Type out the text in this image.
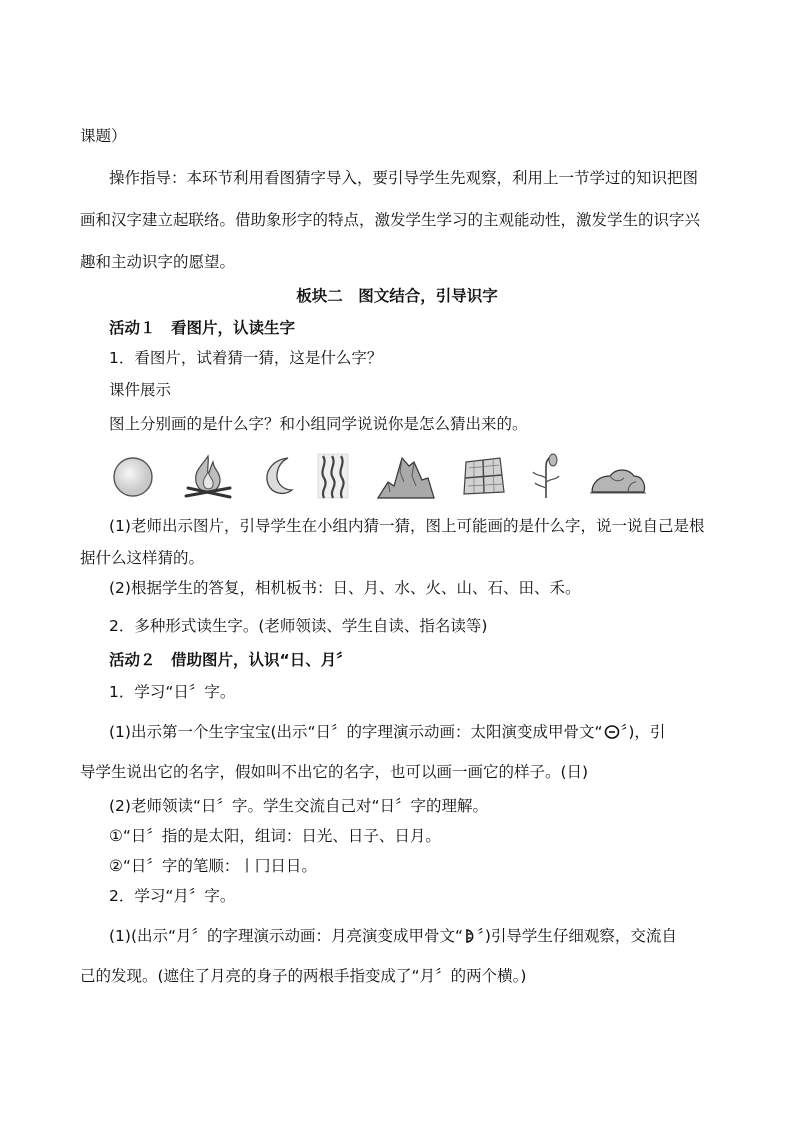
课题）
操作指导：本环节利用看图猜字导入，要引导学生先观察，利用上一节学过的知识把图
画和汉字建立起联络。借助象形字的特点，激发学生学习的主观能动性，激发学生的识字兴
趣和主动识字的愿望。
板块二　图文结合，引导识字
活动１　看图片，认读生字
1．看图片，试着猜一猜，这是什么字？
课件展示
图上分别画的是什么字？和小组同学说说你是怎么猜出来的。
(1)老师出示图片，引导学生在小组内猜一猜，图上可能画的是什么字，说一说自己是根
据什么这样猜的。
(2)根据学生的答复，相机板书：日、月、水、火、山、石、田、禾。
2．多种形式读生字。(老师领读、学生自读、指名读等)
活动２　借助图片，认识“日、月〞
1．学习“日〞字。
(1)出示第一个生字宝宝(出示“日〞的字理演示动画：太阳演变成甲骨文“ 〞)，引
导学生说出它的名字，假如叫不出它的名字，也可以画一画它的样子。(日)
(2)老师领读“日〞字。学生交流自己对“日〞字的理解。
①“日〞指的是太阳，组词：日光、日子、日月。
②“日〞字的笔顺：丨冂日日。
2．学习“月〞字。
(1)(出示“月〞的字理演示动画：月亮演变成甲骨文“ 〞)引导学生仔细观察，交流自
己的发现。(遮住了月亮的身子的两根手指变成了“月〞的两个横。)
